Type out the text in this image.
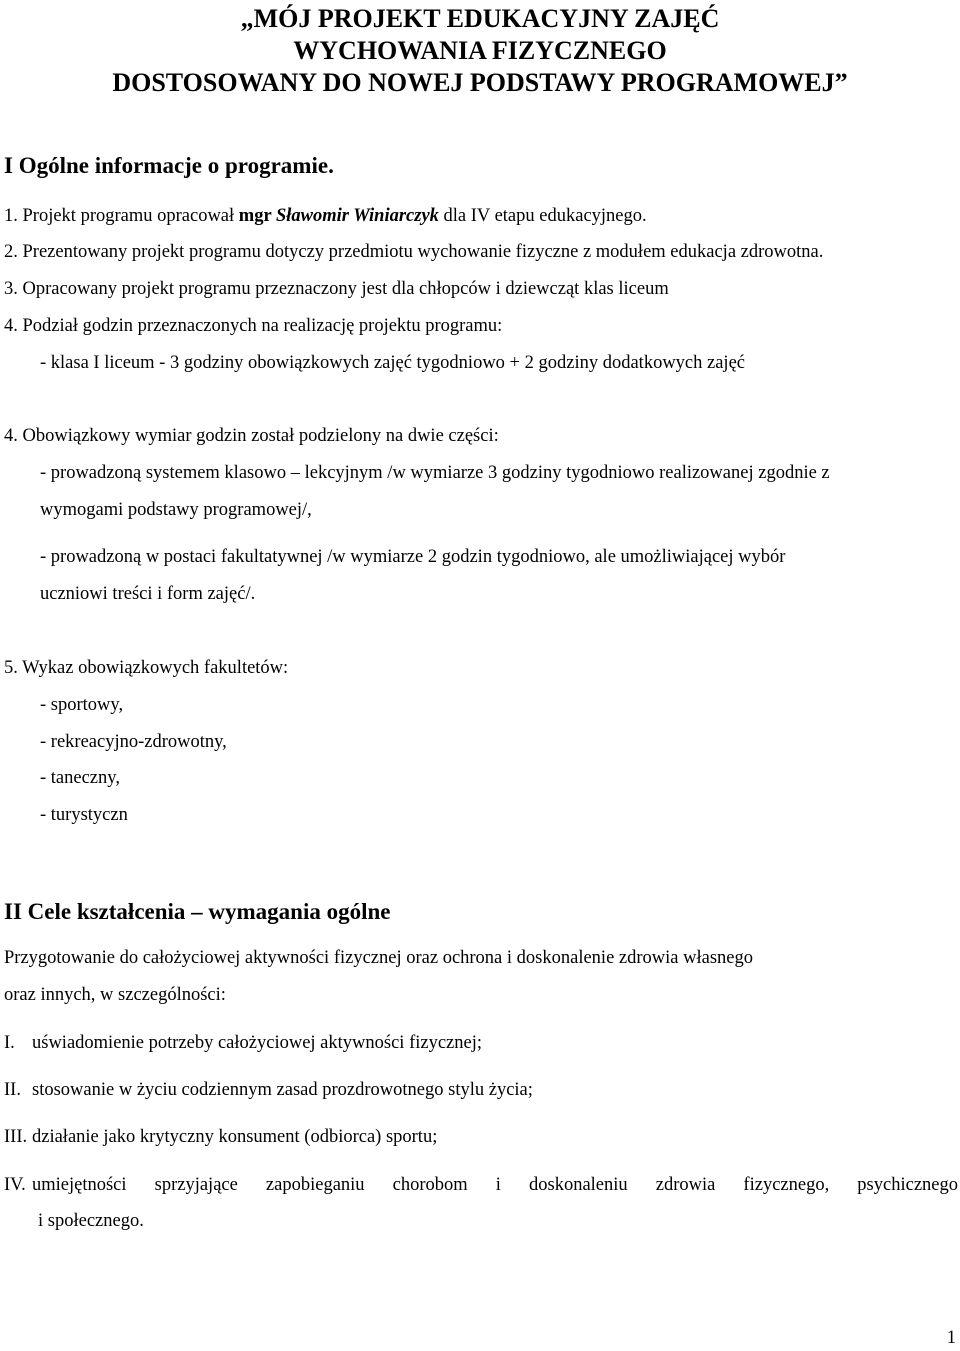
„MÓJ PROJEKT EDUKACYJNY ZAJĘĆ
WYCHOWANIA FIZYCZNEGO
DOSTOSOWANY DO NOWEJ PODSTAWY PROGRAMOWEJ”
I Ogólne informacje o programie.
1. Projekt programu opracował mgr Sławomir Winiarczyk dla IV etapu edukacyjnego.
2. Prezentowany projekt programu dotyczy przedmiotu wychowanie fizyczne z modułem edukacja zdrowotna.
3. Opracowany projekt programu przeznaczony jest dla chłopców i dziewcząt klas liceum
4. Podział godzin przeznaczonych na realizację projektu programu:
- klasa I liceum - 3 godziny obowiązkowych zajęć tygodniowo + 2 godziny dodatkowych zajęć
4. Obowiązkowy wymiar godzin został podzielony na dwie części:
- prowadzoną systemem klasowo – lekcyjnym /w wymiarze 3 godziny tygodniowo realizowanej zgodnie z
wymogami podstawy programowej/,
- prowadzoną w postaci fakultatywnej /w wymiarze 2 godzin tygodniowo, ale umożliwiającej wybór
uczniowi treści i form zajęć/.
5. Wykaz obowiązkowych fakultetów:
- sportowy,
- rekreacyjno-zdrowotny,
- taneczny,
- turystyczn
II Cele kształcenia – wymagania ogólne
Przygotowanie do całożyciowej aktywności fizycznej oraz ochrona i doskonalenie zdrowia własnego
oraz innych, w szczególności:
I. uświadomienie potrzeby całożyciowej aktywności fizycznej;
II. stosowanie w życiu codziennym zasad prozdrowotnego stylu życia;
III. działanie jako krytyczny konsument (odbiorca) sportu;
IV. umiejętności sprzyjające zapobieganiu chorobom i doskonaleniu zdrowia fizycznego, psychicznego
i społecznego.
1
